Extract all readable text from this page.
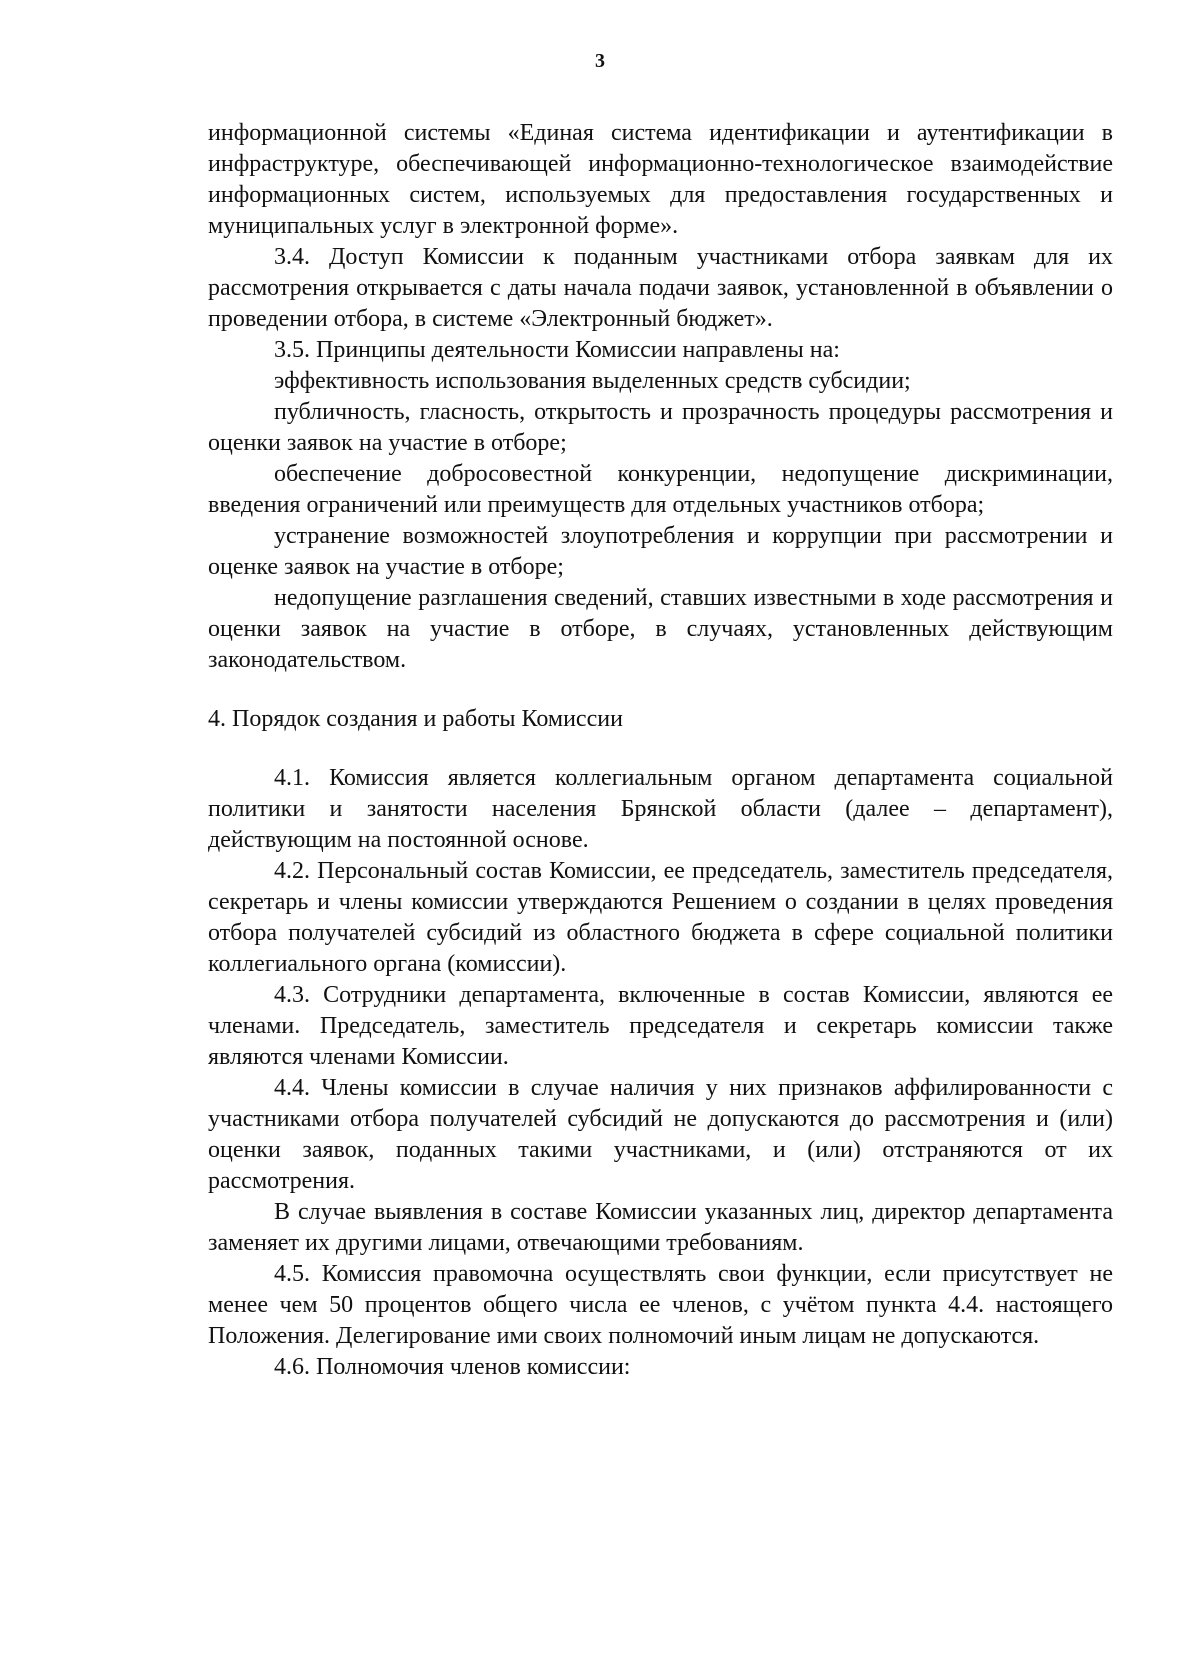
3

информационной системы «Единая система идентификации и аутентификации в инфраструктуре, обеспечивающей информационно-технологическое взаимодействие информационных систем, используемых для предоставления государственных и муниципальных услуг в электронной форме».

3.4. Доступ Комиссии к поданным участниками отбора заявкам для их рассмотрения открывается с даты начала подачи заявок, установленной в объявлении о проведении отбора, в системе «Электронный бюджет».

3.5. Принципы деятельности Комиссии направлены на:

эффективность использования выделенных средств субсидии;

публичность, гласность, открытость и прозрачность процедуры рассмотрения и оценки заявок на участие в отборе;

обеспечение добросовестной конкуренции, недопущение дискриминации, введения ограничений или преимуществ для отдельных участников отбора;

устранение возможностей злоупотребления и коррупции при рассмотрении и оценке заявок на участие в отборе;

недопущение разглашения сведений, ставших известными в ходе рассмотрения и оценки заявок на участие в отборе, в случаях, установленных действующим законодательством.

4. Порядок создания и работы Комиссии

4.1. Комиссия является коллегиальным органом департамента социальной политики и занятости населения Брянской области (далее – департамент), действующим на постоянной основе.

4.2. Персональный состав Комиссии, ее председатель, заместитель председателя, секретарь и члены комиссии утверждаются Решением о создании в целях проведения отбора получателей субсидий из областного бюджета в сфере социальной политики коллегиального органа (комиссии).

4.3. Сотрудники департамента, включенные в состав Комиссии, являются ее членами. Председатель, заместитель председателя и секретарь комиссии также являются членами Комиссии.

4.4. Члены комиссии в случае наличия у них признаков аффилированности с участниками отбора получателей субсидий не допускаются до рассмотрения и (или) оценки заявок, поданных такими участниками, и (или) отстраняются от их рассмотрения.

В случае выявления в составе Комиссии указанных лиц, директор департамента заменяет их другими лицами, отвечающими требованиям.

4.5. Комиссия правомочна осуществлять свои функции, если присутствует не менее чем 50 процентов общего числа ее членов, с учётом пункта 4.4. настоящего Положения. Делегирование ими своих полномочий иным лицам не допускаются.

4.6. Полномочия членов комиссии:
